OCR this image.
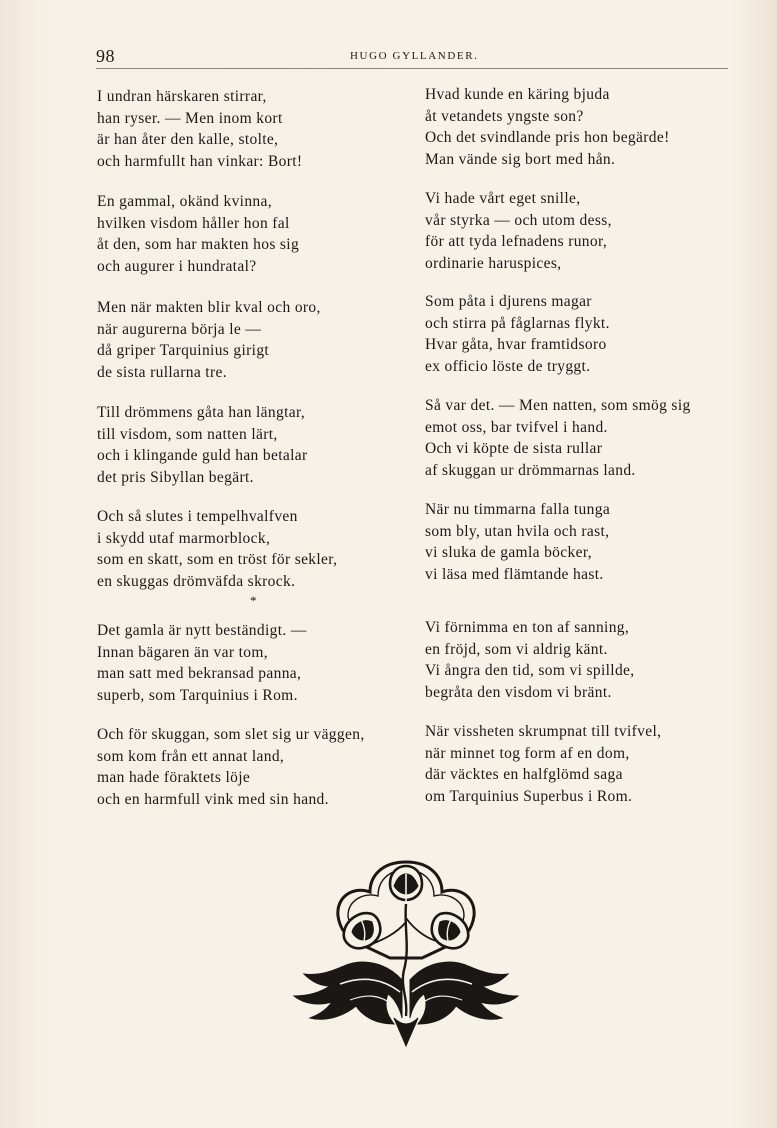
98	HUGO GYLLANDER.
I undran härskaren stirrar,
han ryser. — Men inom kort
är han åter den kalle, stolte,
och harmfullt han vinkar: Bort!
En gammal, okänd kvinna,
hvilken visdom håller hon fal
åt den, som har makten hos sig
och augurer i hundratal?
Men när makten blir kval och oro,
när augurerna börja le —
då griper Tarquinius girigt
de sista rullarna tre.
Till drömmens gåta han längtar,
till visdom, som natten lärt,
och i klingande guld han betalar
det pris Sibyllan begärt.
Och så slutes i tempelhvalfven
i skydd utaf marmorblock,
som en skatt, som en tröst för sekler,
en skuggas drömväfda skrock.
Det gamla är nytt beständigt. —
Innan bägaren än var tom,
man satt med bekransad panna,
superb, som Tarquinius i Rom.
Och för skuggan, som slet sig ur väggen,
som kom från ett annat land,
man hade föraktets löje
och en harmfull vink med sin hand.
*
Hvad kunde en käring bjuda
åt vetandets yngste son?
Och det svindlande pris hon begärde!
Man vände sig bort med hån.
Vi hade vårt eget snille,
vår styrka — och utom dess,
för att tyda lefnadens runor,
ordinarie haruspices,
Som påta i djurens magar
och stirra på fåglarnas flykt.
Hvar gåta, hvar framtidsoro
ex officio löste de tryggt.
Så var det. — Men natten, som smög sig
emot oss, bar tvifvel i hand.
Och vi köpte de sista rullar
af skuggan ur drömmarnas land.
När nu timmarna falla tunga
som bly, utan hvila och rast,
vi sluka de gamla böcker,
vi läsa med flämtande hast.
Vi förnimma en ton af sanning,
en fröjd, som vi aldrig känt.
Vi ångra den tid, som vi spillde,
begråta den visdom vi bränt.
När vissheten skrumpnat till tvifvel,
när minnet tog form af en dom,
där väcktes en halfglömd saga
om Tarquinius Superbus i Rom.
